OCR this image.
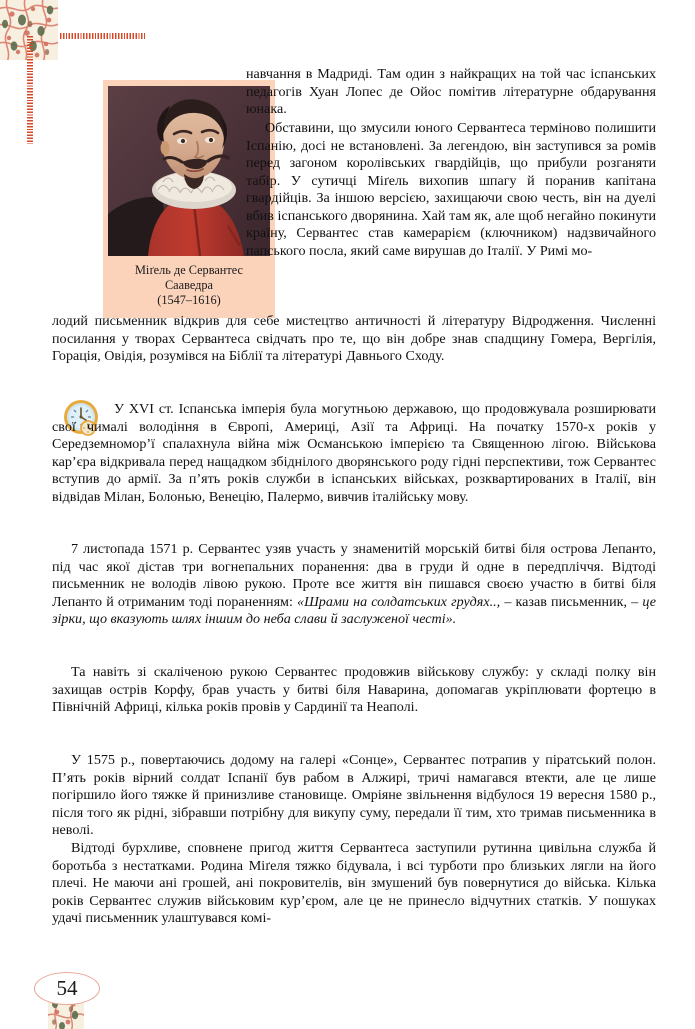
Міґель де Сервантес
Сааведра
(1547–1616)

навчання в Мадриді. Там один з найкращих на той час іспанських педагогів Хуан Лопес де Ойос помітив літературне обдарування юнака.

Обставини, що змусили юного Сервантеса терміново полишити Іспанію, досі не встановлені. За легендою, він заступився за ромів перед загоном королівських гвардійців, що прибули розганяти табір. У сутичці Міґель вихопив шпагу й поранив капітана гвардійців. За іншою версією, захищаючи свою честь, він на дуелі вбив іспанського дворянина. Хай там як, але щоб негайно покинути країну, Сервантес став камерарієм (ключником) надзвичайного папського посла, який саме вирушав до Італії. У Римі мо-

лодий письменник відкрив для себе мистецтво античності й літературу Відродження. Численні посилання у творах Сервантеса свідчать про те, що він добре знав спадщину Гомера, Вергілія, Горація, Овідія, розумівся на Біблії та літературі Давнього Сходу.

У XVI ст. Іспанська імперія була могутньою державою, що продовжувала розширювати свої чималі володіння в Європі, Америці, Азії та Африці. На початку 1570-х років у Середземномор’ї спалахнула війна між Османською імперією та Священною лігою. Військова кар’єра відкривала перед нащадком збіднілого дворянського роду гідні перспективи, тож Сервантес вступив до армії. За п’ять років служби в іспанських військах, розквартированих в Італії, він відвідав Мілан, Болонью, Венецію, Палермо, вивчив італійську мову.

7 листопада 1571 р. Сервантес узяв участь у знаменитій морській битві біля острова Лепанто, під час якої дістав три вогнепальних поранення: два в груди й одне в передпліччя. Відтоді письменник не володів лівою рукою. Проте все життя він пишався своєю участю в битві біля Лепанто й отриманим тоді пораненням: «Шрами на солдатських грудях.., – казав письменник, – це зірки, що вказують шлях іншим до неба слави й заслуженої честі».

Та навіть зі скаліченою рукою Сервантес продовжив військову службу: у складі полку він захищав острів Корфу, брав участь у битві біля Наварина, допомагав укріплювати фортецю в Північній Африці, кілька років провів у Сардинії та Неаполі.

У 1575 р., повертаючись додому на галері «Сонце», Сервантес потрапив у піратський полон. П’ять років вірний солдат Іспанії був рабом в Алжирі, тричі намагався втекти, але це лише погіршило його тяжке й принизливе становище. Омріяне звільнення відбулося 19 вересня 1580 р., після того як рідні, зібравши потрібну для викупу суму, передали її тим, хто тримав письменника в неволі.

Відтоді бурхливе, сповнене пригод життя Сервантеса заступили рутинна цивільна служба й боротьба з нестатками. Родина Міґеля тяжко бідувала, і всі турботи про близьких лягли на його плечі. Не маючи ані грошей, ані покровителів, він змушений був повернутися до війська. Кілька років Сервантес служив військовим кур’єром, але це не принесло відчутних статків. У пошуках удачі письменник улаштувався комі-

54
